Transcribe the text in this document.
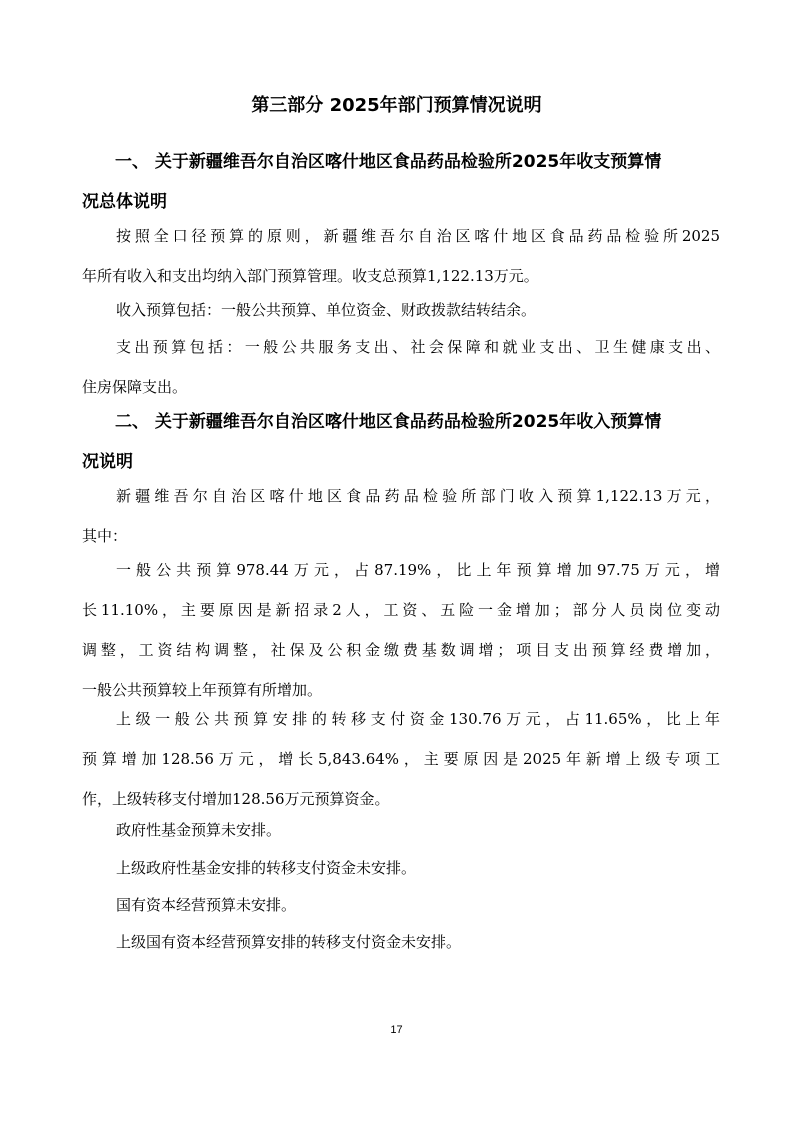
第三部分 2025年部门预算情况说明
一、 关于新疆维吾尔自治区喀什地区食品药品检验所2025年收支预算情
况总体说明
按照全口径预算的原则，新疆维吾尔自治区喀什地区食品药品检验所2025
年所有收入和支出均纳入部门预算管理。收支总预算1,122.13万元。
收入预算包括：一般公共预算、单位资金、财政拨款结转结余。
支出预算包括：一般公共服务支出、社会保障和就业支出、卫生健康支出、
住房保障支出。
二、 关于新疆维吾尔自治区喀什地区食品药品检验所2025年收入预算情
况说明
新疆维吾尔自治区喀什地区食品药品检验所部门收入预算1,122.13万元，
其中：
一般公共预算978.44万元，占87.19%，比上年预算增加97.75万元，增
长11.10%，主要原因是新招录2人，工资、五险一金增加；部分人员岗位变动
调整，工资结构调整，社保及公积金缴费基数调增；项目支出预算经费增加，
一般公共预算较上年预算有所增加。
上级一般公共预算安排的转移支付资金130.76万元，占11.65%，比上年
预算增加128.56万元，增长5,843.64%，主要原因是2025年新增上级专项工
作，上级转移支付增加128.56万元预算资金。
政府性基金预算未安排。
上级政府性基金安排的转移支付资金未安排。
国有资本经营预算未安排。
上级国有资本经营预算安排的转移支付资金未安排。
17
